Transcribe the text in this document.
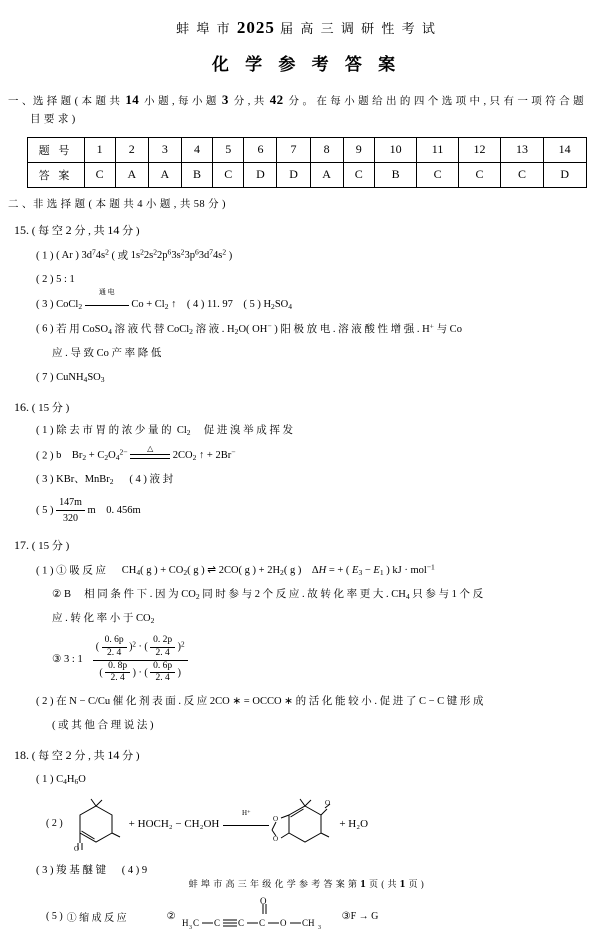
蚌 埠 市 2025 届 高 三 调 研 性 考 试
化 学 参 考 答 案
一 、选 择 题 ( 本 题 共 14 小 题 , 每 小 题 3 分 , 共 42 分 。 在 每 小 题 给 出 的 四 个 选 项 中 , 只 有 一 项 符 合 题
目 要 求 )
题 号	1	2	3	4	5	6	7	8	9	10	11	12	13	14
答 案	C	A	A	B	C	D	D	A	C	B	C	C	C	D
二 、非 选 择 题 ( 本 题 共 4 小 题 , 共 58 分 )
15. ( 每 空 2 分 , 共 14 分 )
( 1 ) ( Ar ) $3d^74s^2$ ( 或 $1s^22s^22p^63s^23p^63d^74s^2$ )
( 2 ) 5 : 1
( 3 ) CoCl$_2$
通 电
$Co + Cl_2$ ↑ ( 4 ) 11. 97 ( 5 ) $H_2SO_4$
( 6 ) 若 用 CoSO$_4$ 溶 液 代 替 CoCl$_2$ 溶 液 . $H_2O$( OH− ) 阳 极 放 电 . 溶 液 酸 性 增 强 . H+ 与 Co
应 . 导 致 Co 产 率 降 低
( 7 ) $CuNH_4SO_3$
16. ( 15 分 )
( 1 ) 除 去 市 胃 的 浓 少 量 的  $Cl_2$     促 进 溴 举 成 挥 发
( 2 ) b    $Br_2 + C_2O_4^{2-}$	△
$2CO_2$ ↑ + 2Br−
( 3 ) KBr、MnBr$_2$ ( 4 ) 液 封
( 5 ) $\frac{147m}{320}$ m 0. 456m
17. ( 15 分 )
( 1 ) ① 吸 反 应 $CH_4$( g ) + $CO_2$( g ) ⇌ 2CO( g ) + $2H_2$( g ) ΔH = + ( $E_3 - E_1$ ) kJ · mol$^{-1}$
② B 相 同 条 件 下 . 因 为 $CO_2$ 同 时 参 与 2 个 反 应 . 故 转 化 率 更 大 . $CH_4$ 只 参 与 1 个 反
应 . 转 化 率 小 于 $CO_2$
③ 3 : $1 \frac{( \frac{0. 6p}{2. 4} )^2 \cdot ( \frac{0. 2p}{2. 4} )^2}{( \frac{0. 8p}{2. 4} ) \cdot ( \frac{0. 6p}{2. 4} )}$
( 2 ) 在 N − C/Cu 催 化 剂 表 面 . 反 应 2CO ∗ = OCCO ∗ 的 活 化 能 较 小 . 促 进 了 C − C 键 形 成
( 或 其 他 合 理 说 法 )
18. ( 每 空 2 分 , 共 14 分 )
( 1 ) $C_4H_6O$
( 2 )
O
+ HOCH₂ − CH₂OH
H⁺
O
O
O
+ H₂O
( 3 ) 羧 基 醚 键 ( 4 ) 9
( 5 ) ① 缩 成 反 应	②
H 3 C C C C
O
O CH 3
③F → G
蚌 埠 市 高 三 年 级 化 学 参 考 答 案 第 1 页 ( 共 1 页 )
